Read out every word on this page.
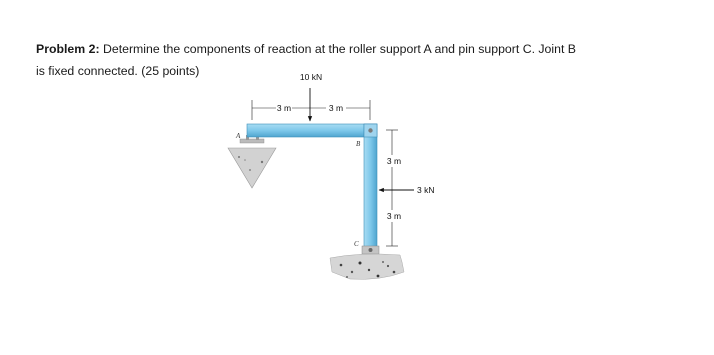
Problem 2: Determine the components of reaction at the roller support A and pin support C. Joint B
is fixed connected. (25 points)
3 m	3 m
10 kN
3 m
3 m
3 kN
A
B
C
